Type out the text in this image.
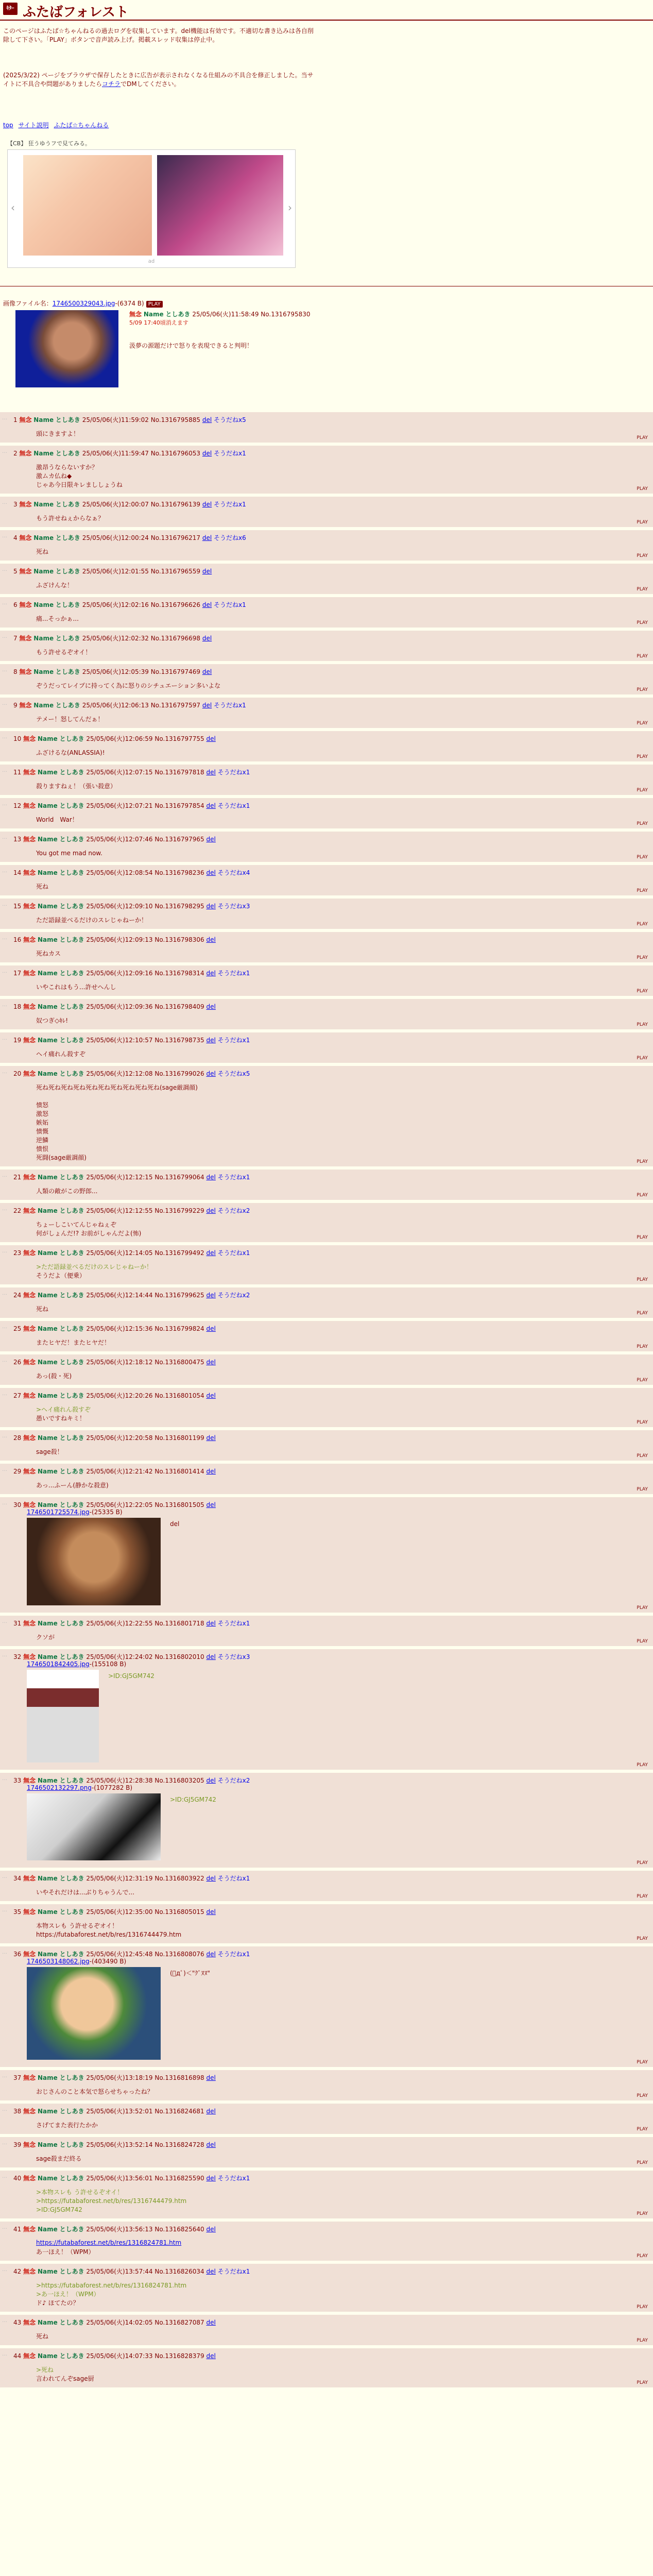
ｷﾀｰ ふたばフォレスト
このページはふたば☆ちゃんねるの過去ログを収集しています。del機能は有効です。不適切な書き込みは各自削除して下さい。「PLAY」ボタンで音声読み上げ。掲載スレッド収集は停止中。
(2025/3/22) ページをブラウザで保存したときに広告が表示されなくなる仕組みの不具合を修正しました。当サイトに不具合や問題がありましたらコチラでDMしてください。
top サイト説明 ふたば☆ちゃんねる
【CB】 狂うゆうフで見てみる。
‹	›
ad
画像ファイル名：1746500329043.jpg-(6374 B) PLAY
無念 Name としあき 25/05/06(火)11:58:49 No.1316795830
5/09 17:40頃消えます
汲夢の源題だけで怒りを表現できると判明！
…	1 無念 Name としあき 25/05/06(火)11:59:02 No.1316795885 del そうだねx5
頭にきますよ！
PLAY
…	2 無念 Name としあき 25/05/06(火)11:59:47 No.1316796053 del そうだねx1
激昂うならないすか？
激ムカ仏ね◆
じゃあ今日限キレまししょうね
PLAY
…	3 無念 Name としあき 25/05/06(火)12:00:07 No.1316796139 del そうだねx1
もう許せねぇからなぁ？
PLAY
…	4 無念 Name としあき 25/05/06(火)12:00:24 No.1316796217 del そうだねx6
死ね
PLAY
…	5 無念 Name としあき 25/05/06(火)12:01:55 No.1316796559 del
ふざけんな！
PLAY
…	6 無念 Name としあき 25/05/06(火)12:02:16 No.1316796626 del そうだねx1
痛...そっかぁ...
PLAY
…	7 無念 Name としあき 25/05/06(火)12:02:32 No.1316796698 del
もう許せるぞオイ！
PLAY
…	8 無念 Name としあき 25/05/06(火)12:05:39 No.1316797469 del
ぞうだってレイプに持ってく為に怒りのシチュエーション多いよな
PLAY
…	9 無念 Name としあき 25/05/06(火)12:06:13 No.1316797597 del そうだねx1
テメー！怒してんだぁ！
PLAY
…	10 無念 Name としあき 25/05/06(火)12:06:59 No.1316797755 del
ふざけるな(ANLASSIA)!
PLAY
…	11 無念 Name としあき 25/05/06(火)12:07:15 No.1316797818 del そうだねx1
殺りますねぇ！（張い殺意）
PLAY
…	12 無念 Name としあき 25/05/06(火)12:07:21 No.1316797854 del そうだねx1
World　War！
PLAY
…	13 無念 Name としあき 25/05/06(火)12:07:46 No.1316797965 del
You got me mad now.
PLAY
…	14 無念 Name としあき 25/05/06(火)12:08:54 No.1316798236 del そうだねx4
死ね
PLAY
…	15 無念 Name としあき 25/05/06(火)12:09:10 No.1316798295 del そうだねx3
ただ語録並べるだけのスレじゃねーか！
PLAY
…	16 無念 Name としあき 25/05/06(火)12:09:13 No.1316798306 del
死ねカス
PLAY
…	17 無念 Name としあき 25/05/06(火)12:09:16 No.1316798314 del そうだねx1
いやこれはもう...許せへんし
PLAY
…	18 無念 Name としあき 25/05/06(火)12:09:36 No.1316798409 del
奴つぎ◇ｷﾚ!
PLAY
…	19 無念 Name としあき 25/05/06(火)12:10:57 No.1316798735 del そうだねx1
ヘイ痛れん殺すぞ
PLAY
…	20 無念 Name としあき 25/05/06(火)12:12:08 No.1316799026 del そうだねx5
死ね死ね死ね死ね死ね死ね死ね死ね死ね死ね(sage厳調顔)

憤怒
激怒
嫉妬
憤慨
逆鱗
憤恨
死闘(sage厳調顔)
PLAY
…	21 無念 Name としあき 25/05/06(火)12:12:15 No.1316799064 del そうだねx1
人類の敵がこの野郎...
PLAY
…	22 無念 Name としあき 25/05/06(火)12:12:55 No.1316799229 del そうだねx2
ちょーしこいてんじゃねぇぞ
何がしょんだ!? お前がしゃんだよ(怖)
PLAY
…	23 無念 Name としあき 25/05/06(火)12:14:05 No.1316799492 del そうだねx1
>ただ語録並べるだけのスレじゃねーか！
そうだよ（便乗）
PLAY
…	24 無念 Name としあき 25/05/06(火)12:14:44 No.1316799625 del そうだねx2
死ね
PLAY
…	25 無念 Name としあき 25/05/06(火)12:15:36 No.1316799824 del
またヒヤだ！またヒヤだ！
PLAY
…	26 無念 Name としあき 25/05/06(火)12:18:12 No.1316800475 del
あっ(殺・死)
PLAY
…	27 無念 Name としあき 25/05/06(火)12:20:26 No.1316801054 del
>ヘイ痛れん殺すぞ
愚いですねキミ！
PLAY
…	28 無念 Name としあき 25/05/06(火)12:20:58 No.1316801199 del
sage殺！
PLAY
…	29 無念 Name としあき 25/05/06(火)12:21:42 No.1316801414 del
あっ...ふーん(静かな殺意)
PLAY
…	30 無念 Name としあき 25/05/06(火)12:22:05 No.1316801505 del
1746501725574.jpg-(25335 B)
del
PLAY
…	31 無念 Name としあき 25/05/06(火)12:22:55 No.1316801718 del そうだねx1
クソが
PLAY
…	32 無念 Name としあき 25/05/06(火)12:24:02 No.1316802010 del そうだねx3
1746501842405.jpg-(155108 B)
>ID:GJ5GM742
PLAY
…	33 無念 Name としあき 25/05/06(火)12:28:38 No.1316803205 del そうだねx2
1746502132297.png-(1077282 B)
>ID:GJ5GM742
PLAY
…	34 無念 Name としあき 25/05/06(火)12:31:19 No.1316803922 del そうだねx1
いやそれだけは...ぶりちゃうんで...
PLAY
…	35 無念 Name としあき 25/05/06(火)12:35:00 No.1316805015 del
本物スレも う許せるぞオイ！
https://futabaforest.net/b/res/1316744479.htm
PLAY
…	36 無念 Name としあき 25/05/06(火)12:45:48 No.1316808076 del そうだねx1
1746503148062.jpg-(403490 B)
(ﾟдﾟ)＜"ｸﾞﾇﾇ"
PLAY
…	37 無念 Name としあき 25/05/06(火)13:18:19 No.1316816898 del
おじさんのこと本気で怒らせちゃったね？
PLAY
…	38 無念 Name としあき 25/05/06(火)13:52:01 No.1316824681 del
さげてまた表行たかか
PLAY
…	39 無念 Name としあき 25/05/06(火)13:52:14 No.1316824728 del
sage殺まだ終る
PLAY
…	40 無念 Name としあき 25/05/06(火)13:56:01 No.1316825590 del そうだねx1
>本物スレも う許せるぞオイ！
>https://futabaforest.net/b/res/1316744479.htm
>ID:GJ5GM742
PLAY
…	41 無念 Name としあき 25/05/06(火)13:56:13 No.1316825640 del
https://futabaforest.net/b/res/1316824781.htm
あ一ほえ！（WPM）
PLAY
…	42 無念 Name としあき 25/05/06(火)13:57:44 No.1316826034 del そうだねx1
>https://futabaforest.net/b/res/1316824781.htm
>あ一ほえ！（WPM）
ド♪ ほてたの？
PLAY
…	43 無念 Name としあき 25/05/06(火)14:02:05 No.1316827087 del
死ね
PLAY
…	44 無念 Name としあき 25/05/06(火)14:07:33 No.1316828379 del
>死ね
言われてんぞsage厨
PLAY
